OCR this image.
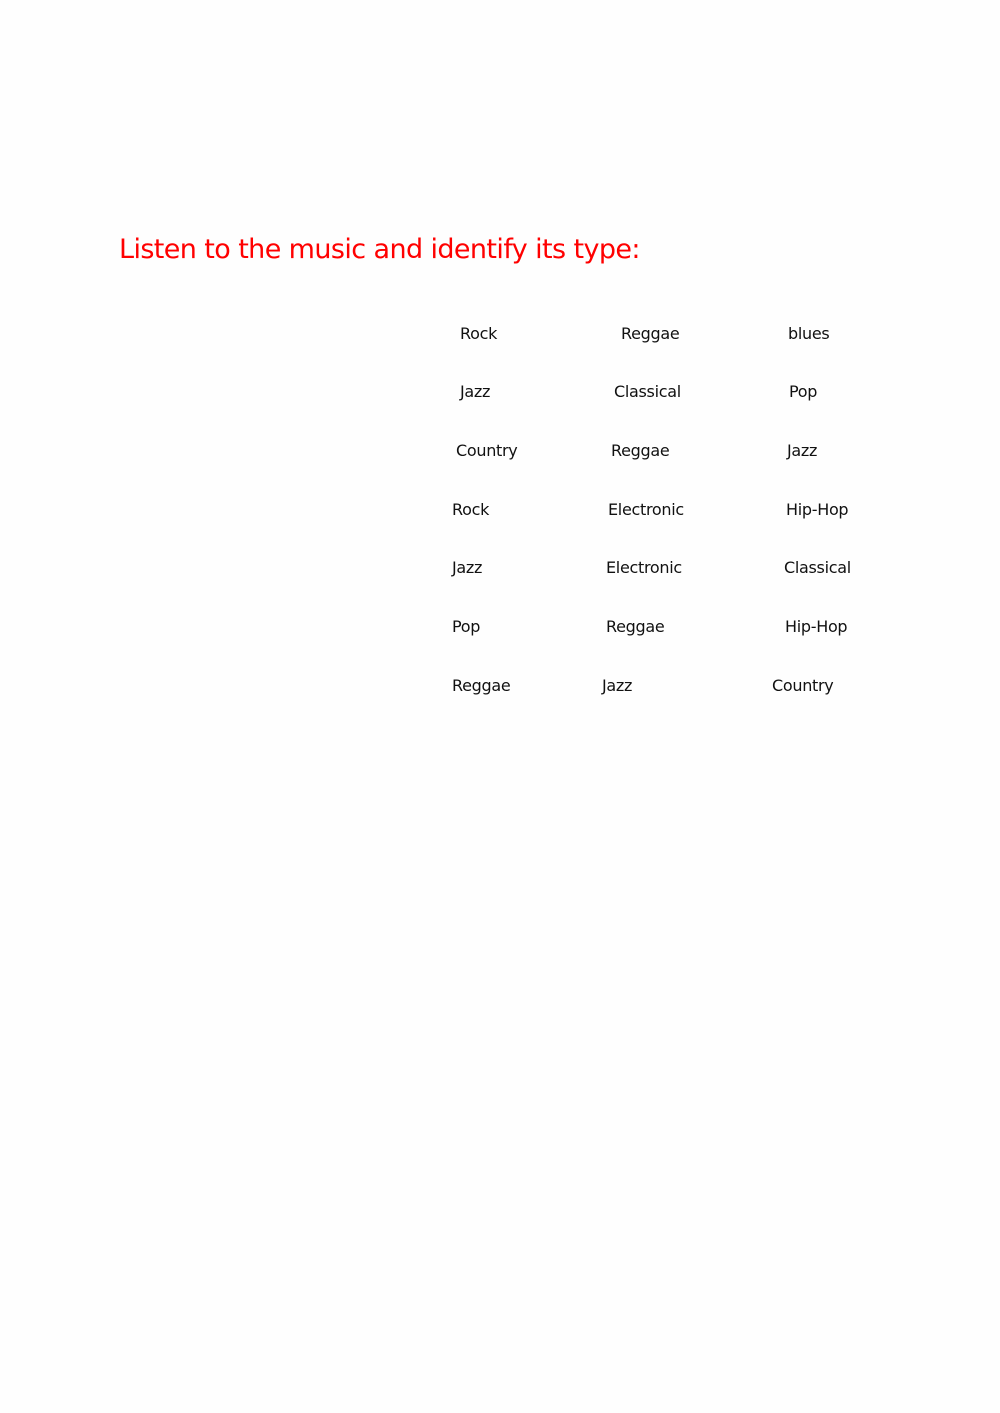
Listen to the music and identify its type:
Rock	Reggae	blues
Jazz	Classical	Pop
Country	Reggae	Jazz
Rock	Electronic	Hip-Hop
Jazz	Electronic	Classical
Pop	Reggae	Hip-Hop
Reggae	Jazz	Country
